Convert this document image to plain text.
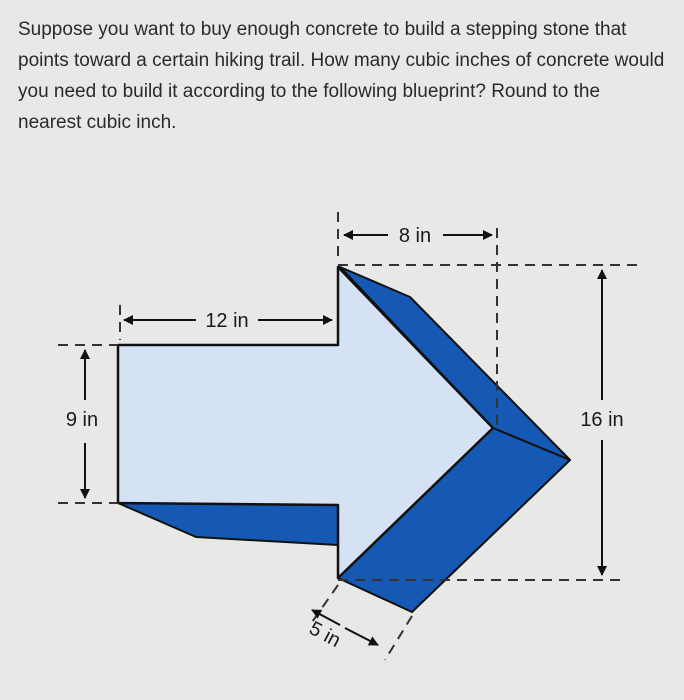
Suppose you want to buy enough concrete to build a stepping stone that points toward a certain hiking trail. How many cubic inches of concrete would you need to build it according to the following blueprint? Round to the nearest cubic inch.

12 in
8 in
9 in	16 in
5 in
